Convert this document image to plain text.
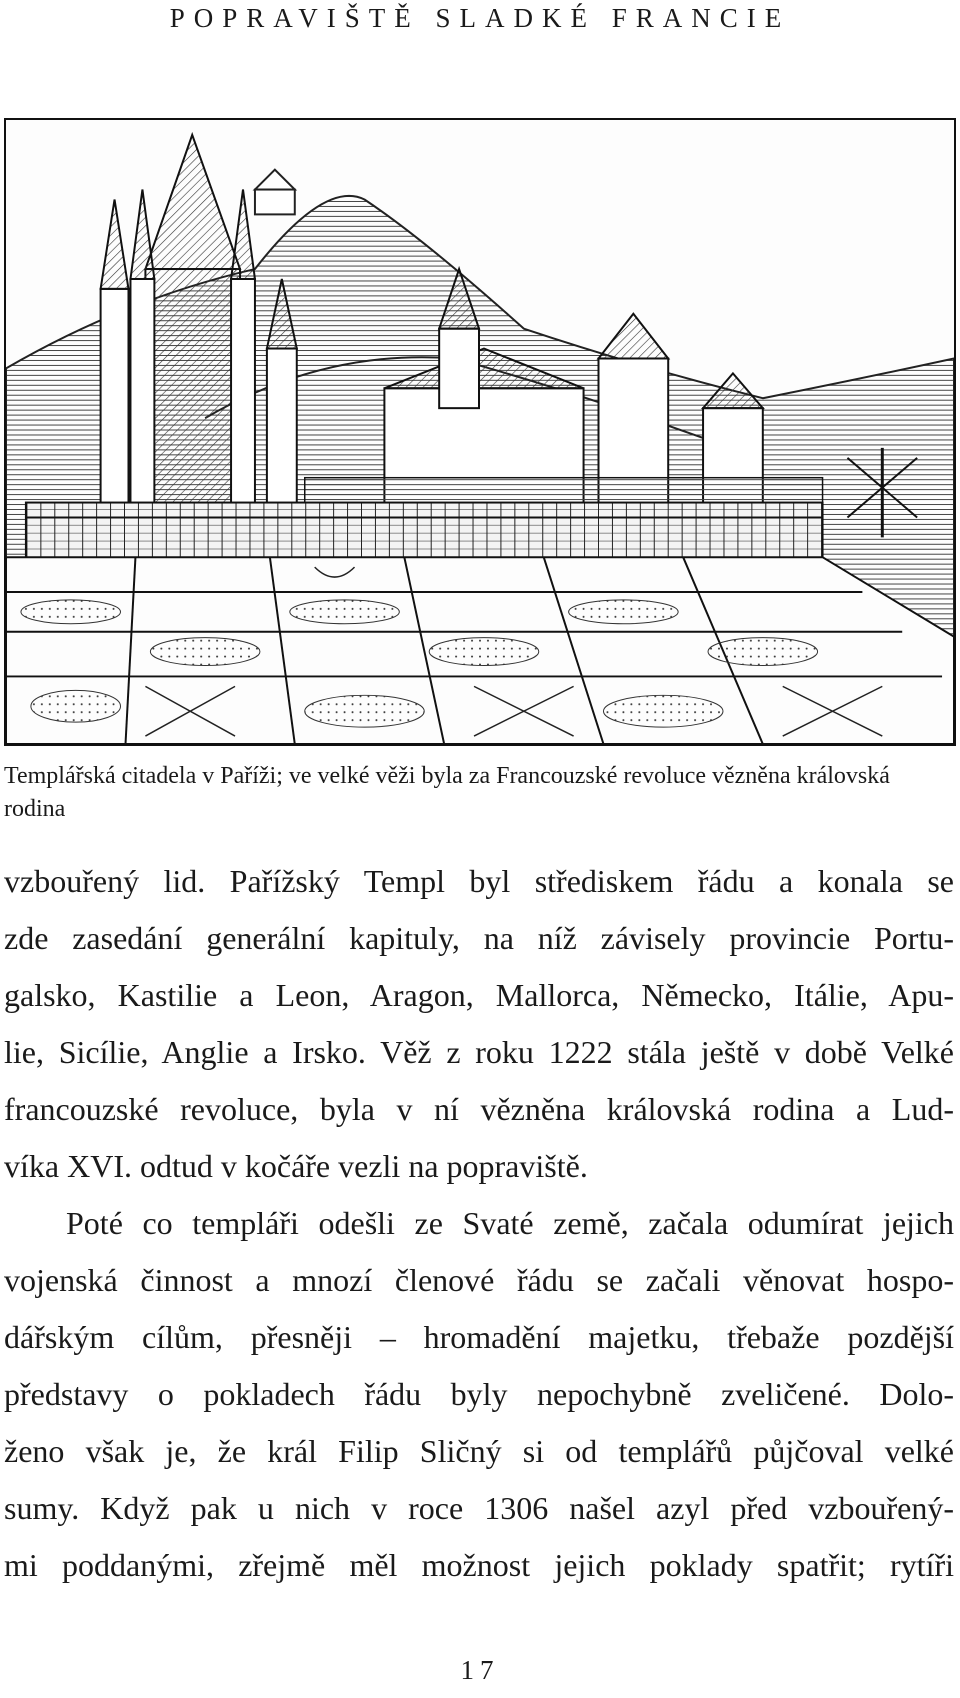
POPRAVIŠTĚ SLADKÉ FRANCIE
Templářská citadela v Paříži; ve velké věži byla za Francouzské revoluce vězněna královská rodina

vzbouřený lid. Pařížský Templ byl střediskem řádu a konala se
zde zasedání generální kapituly, na níž závisely provincie Portu-
galsko, Kastilie a Leon, Aragon, Mallorca, Německo, Itálie, Apu-
lie, Sicílie, Anglie a Irsko. Věž z roku 1222 stála ještě v době Velké
francouzské revoluce, byla v ní vězněna královská rodina a Lud-
víka XVI. odtud v kočáře vezli na popraviště.

Poté co templáři odešli ze Svaté země, začala odumírat jejich
vojenská činnost a mnozí členové řádu se začali věnovat hospo-
dářským cílům, přesněji – hromadění majetku, třebaže pozdější
představy o pokladech řádu byly nepochybně zveličené. Dolo-
ženo však je, že král Filip Sličný si od templářů půjčoval velké
sumy. Když pak u nich v roce 1306 našel azyl před vzbouřený-
mi poddanými, zřejmě měl možnost jejich poklady spatřit; rytíři

17
